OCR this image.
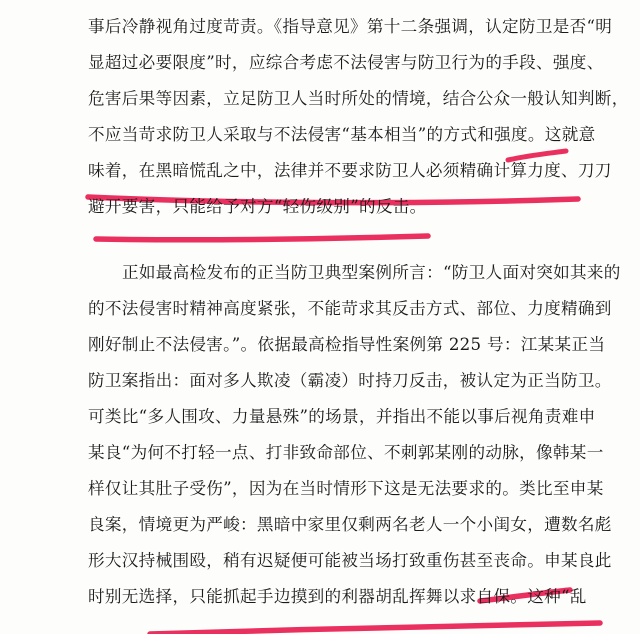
事后冷静视角过度苛责。《指导意见》第十二条强调，认定防卫是否“明
显超过必要限度”时，应综合考虑不法侵害与防卫行为的手段、强度、
危害后果等因素，立足防卫人当时所处的情境，结合公众一般认知判断，
不应当苛求防卫人采取与不法侵害“基本相当”的方式和强度。这就意
味着，在黑暗慌乱之中，法律并不要求防卫人必须精确计算力度、刀刀
避开要害，只能给予对方“轻伤级别”的反击。
正如最高检发布的正当防卫典型案例所言：“防卫人面对突如其来的
的不法侵害时精神高度紧张，不能苛求其反击方式、部位、力度精确到
刚好制止不法侵害。”。依据最高检指导性案例第 225 号：江某某正当
防卫案指出：面对多人欺凌（霸凌）时持刀反击，被认定为正当防卫。
可类比“多人围攻、力量悬殊”的场景，并指出不能以事后视角责难申
某良“为何不打轻一点、打非致命部位、不刺郭某刚的动脉，像韩某一
样仅让其肚子受伤”，因为在当时情形下这是无法要求的。类比至申某
良案，情境更为严峻：黑暗中家里仅剩两名老人一个小闺女，遭数名彪
形大汉持械围殴，稍有迟疑便可能被当场打致重伤甚至丧命。申某良此
时别无选择，只能抓起手边摸到的利器胡乱挥舞以求自保。这种“乱
